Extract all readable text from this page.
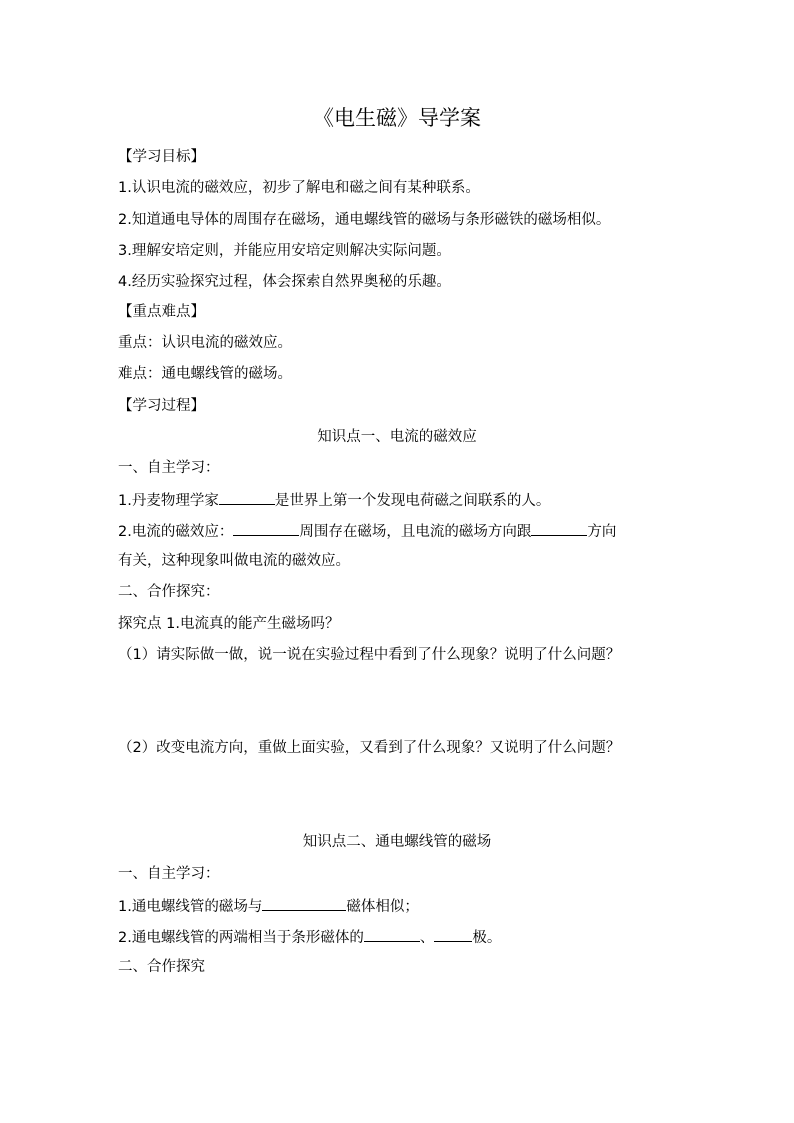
《电生磁》导学案
【学习目标】
1.认识电流的磁效应，初步了解电和磁之间有某种联系。
2.知道通电导体的周围存在磁场，通电螺线管的磁场与条形磁铁的磁场相似。
3.理解安培定则，并能应用安培定则解决实际问题。
4.经历实验探究过程，体会探索自然界奥秘的乐趣。
【重点难点】
重点：认识电流的磁效应。
难点：通电螺线管的磁场。
【学习过程】
知识点一、电流的磁效应
一、自主学习：
1.丹麦物理学家	是世界上第一个发现电荷磁之间联系的人。
2.电流的磁效应：	周围存在磁场，且电流的磁场方向跟	方向
有关，这种现象叫做电流的磁效应。
二、合作探究：
探究点 1.电流真的能产生磁场吗？
（1）请实际做一做，说一说在实验过程中看到了什么现象？说明了什么问题？
（2）改变电流方向，重做上面实验，又看到了什么现象？又说明了什么问题？
知识点二、通电螺线管的磁场
一、自主学习：
1.通电螺线管的磁场与	磁体相似；
2.通电螺线管的两端相当于条形磁体的	、	极。
二、合作探究
